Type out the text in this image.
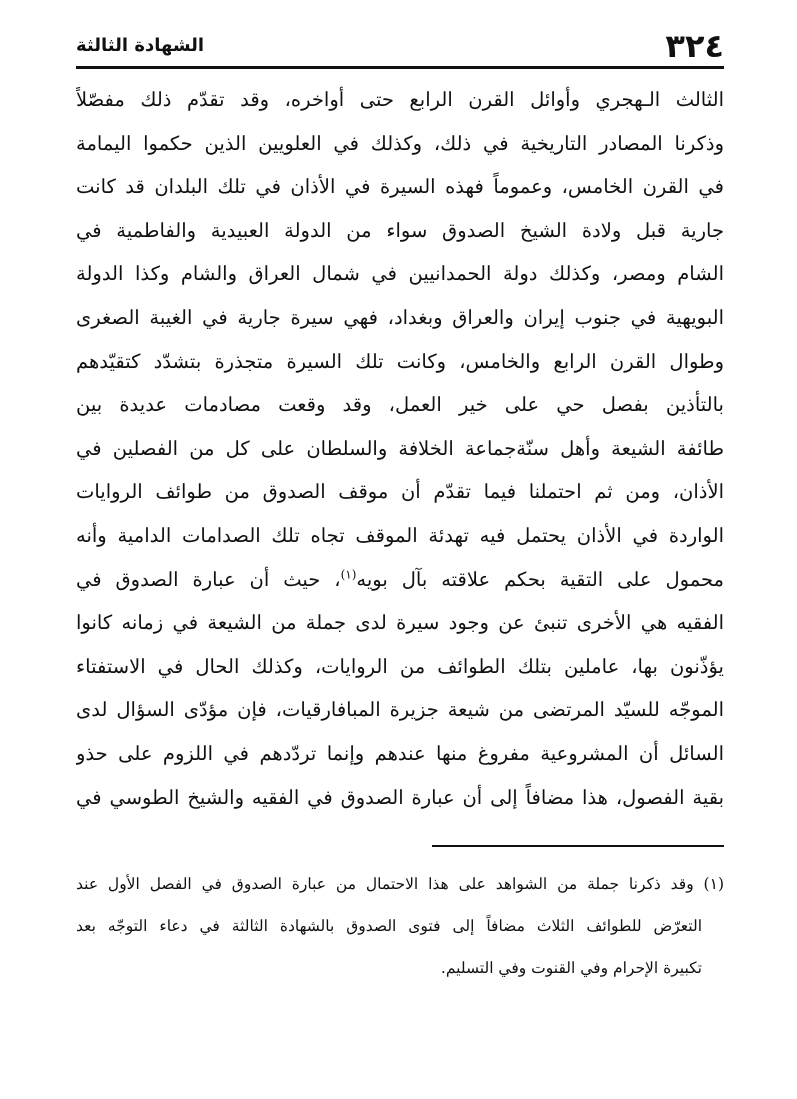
٣٢٤
الشهادة الثالثة
الثالث الـهجري وأوائل القرن الرابع حتى أواخره، وقد تقدّم ذلك مفصّلاً
وذكرنا المصادر التاريخية في ذلك، وكذلك في العلويين الذين حكموا اليمامة
في القرن الخامس، وعموماً فهذه السيرة في الأذان في تلك البلدان قد كانت
جارية قبل ولادة الشيخ الصدوق سواء من الدولة العبيدية والفاطمية في
الشام ومصر، وكذلك دولة الحمدانيين في شمال العراق والشام وكذا الدولة
البويهية في جنوب إيران والعراق وبغداد، فهي سيرة جارية في الغيبة الصغرى
وطوال القرن الرابع والخامس، وكانت تلك السيرة متجذرة بتشدّد كتقيّدهم
بالتأذين بفصل حي على خير العمل، وقد وقعت مصادمات عديدة بين
طائفة الشيعة وأهل سنّةجماعة الخلافة والسلطان على كل من الفصلين في
الأذان، ومن ثم احتملنا فيما تقدّم أن موقف الصدوق من طوائف الروايات
الواردة في الأذان يحتمل فيه تهدئة الموقف تجاه تلك الصدامات الدامية وأنه
محمول على التقية بحكم علاقته بآل بويه$^{(١)}$، حيث أن عبارة الصدوق في
الفقيه هي الأخرى تنبئ عن وجود سيرة لدى جملة من الشيعة في زمانه كانوا
يؤذّنون بها، عاملين بتلك الطوائف من الروايات، وكذلك الحال في الاستفتاء
الموجّه للسيّد المرتضى من شيعة جزيرة المبافارقيات، فإن مؤدّى السؤال لدى
السائل أن المشروعية مفروغ منها عندهم وإنما تردّدهم في اللزوم على حذو
بقية الفصول، هذا مضافاً إلى أن عبارة الصدوق في الفقيه والشيخ الطوسي في
(١) وقد ذكرنا جملة من الشواهد على هذا الاحتمال من عبارة الصدوق في الفصل الأول عند
التعرّض للطوائف الثلاث مضافاً إلى فتوى الصدوق بالشهادة الثالثة في دعاء التوجّه بعد
تكبيرة الإحرام وفي القنوت وفي التسليم.
